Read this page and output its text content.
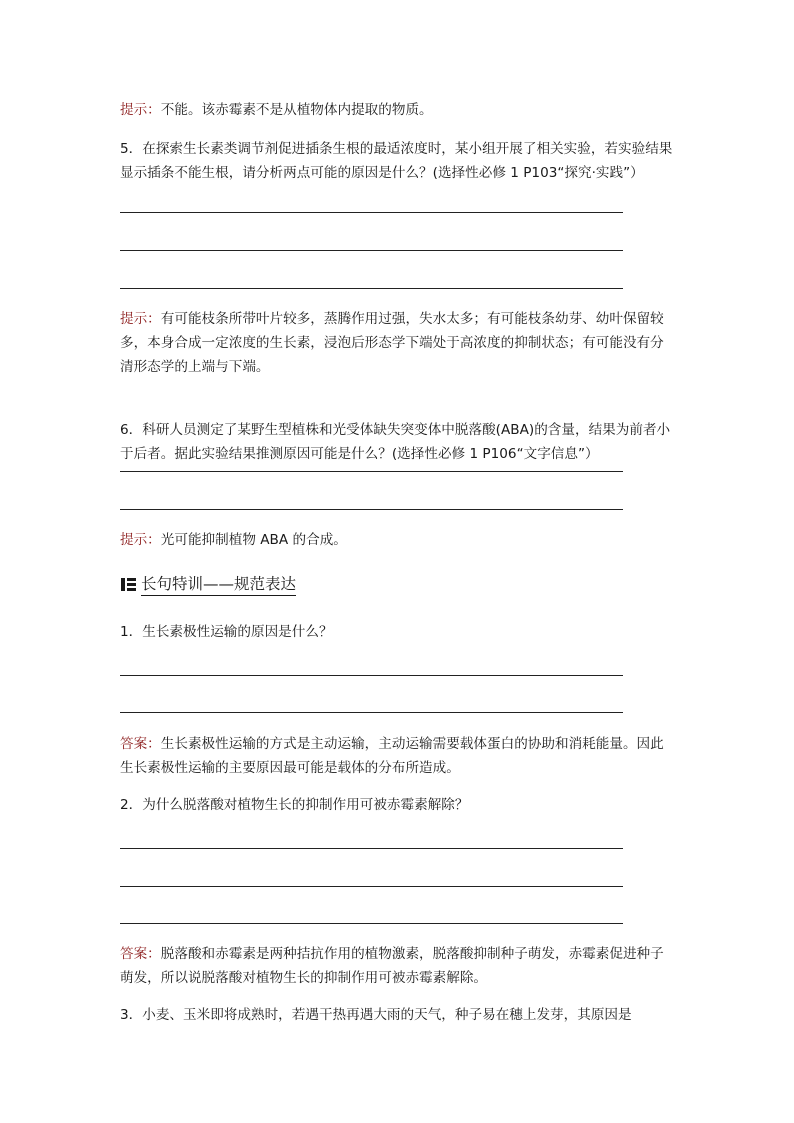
提示：不能。该赤霉素不是从植物体内提取的物质。

5．在探索生长素类调节剂促进插条生根的最适浓度时，某小组开展了相关实验，若实验结果显示插条不能生根，请分析两点可能的原因是什么？(选择性必修 1 P103“探究·实践”）

提示：有可能枝条所带叶片较多，蒸腾作用过强，失水太多；有可能枝条幼芽、幼叶保留较多，本身合成一定浓度的生长素，浸泡后形态学下端处于高浓度的抑制状态；有可能没有分清形态学的上端与下端。

6．科研人员测定了某野生型植株和光受体缺失突变体中脱落酸(ABA)的含量，结果为前者小于后者。据此实验结果推测原因可能是什么？(选择性必修 1 P106“文字信息”）

提示：光可能抑制植物 ABA 的合成。

长句特训——规范表达

1．生长素极性运输的原因是什么？

答案：生长素极性运输的方式是主动运输，主动运输需要载体蛋白的协助和消耗能量。因此生长素极性运输的主要原因最可能是载体的分布所造成。

2．为什么脱落酸对植物生长的抑制作用可被赤霉素解除？

答案：脱落酸和赤霉素是两种拮抗作用的植物激素，脱落酸抑制种子萌发，赤霉素促进种子萌发，所以说脱落酸对植物生长的抑制作用可被赤霉素解除。

3．小麦、玉米即将成熟时，若遇干热再遇大雨的天气，种子易在穗上发芽，其原因是
